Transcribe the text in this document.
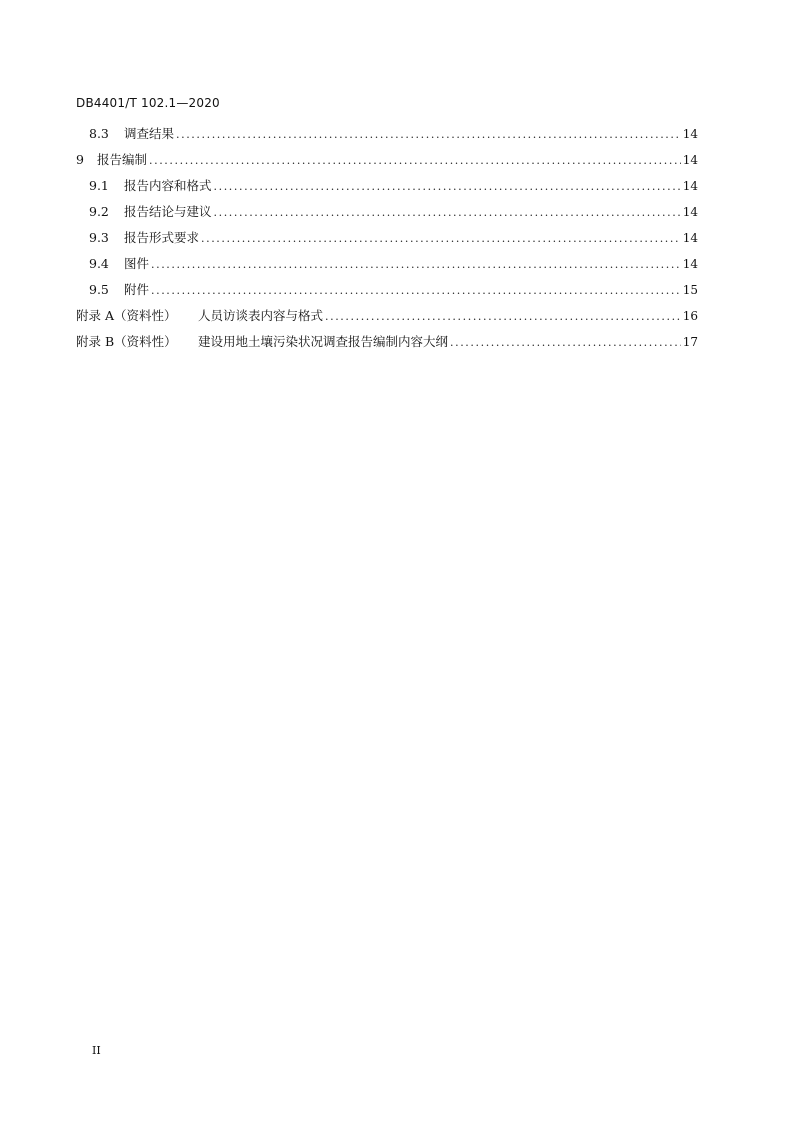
DB4401/T 102.1—2020
8.3	调查结果 .....	14
9	报告编制 .....	14
9.1	报告内容和格式 .....	14
9.2	报告结论与建议 .....	14
9.3	报告形式要求 .....	14
9.4	图件 .....	14
9.5	附件 .....	15
附录 A（资料性）	人员访谈表内容与格式 .....	16
附录 B（资料性）	建设用地土壤污染状况调查报告编制内容大纲 .....	17
II
